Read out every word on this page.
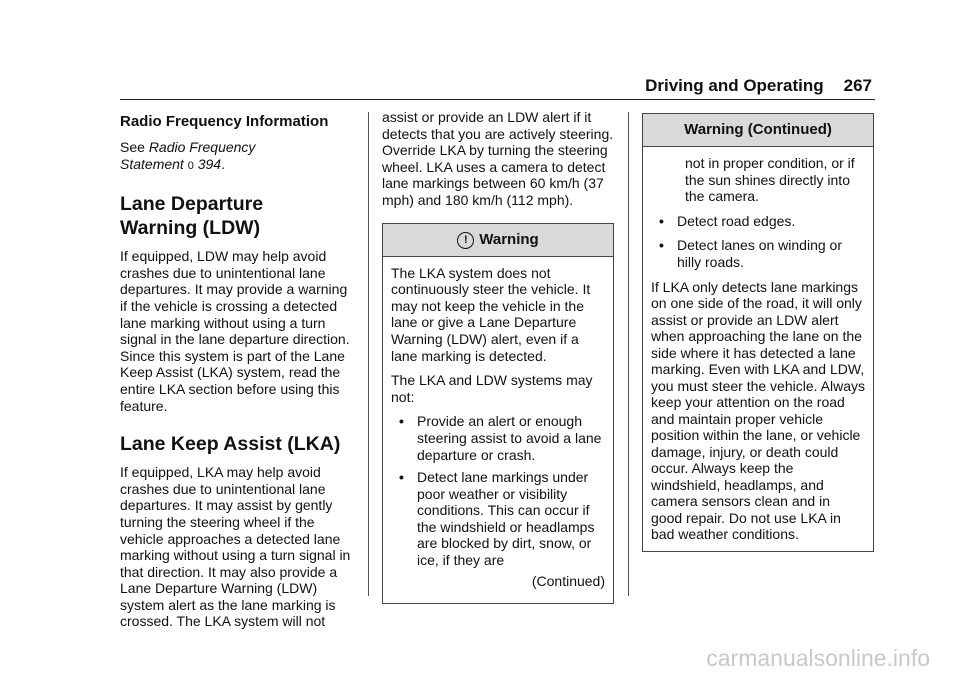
Driving and Operating 267
Radio Frequency Information

See Radio Frequency
Statement 0 394.

Lane Departure
Warning (LDW)

If equipped, LDW may help avoid crashes due to unintentional lane departures. It may provide a warning if the vehicle is crossing a detected lane marking without using a turn signal in the lane departure direction. Since this system is part of the Lane Keep Assist (LKA) system, read the entire LKA section before using this feature.

Lane Keep Assist (LKA)

If equipped, LKA may help avoid crashes due to unintentional lane departures. It may assist by gently turning the steering wheel if the vehicle approaches a detected lane marking without using a turn signal in that direction. It may also provide a Lane Departure Warning (LDW) system alert as the lane marking is crossed. The LKA system will not

assist or provide an LDW alert if it detects that you are actively steering. Override LKA by turning the steering wheel. LKA uses a camera to detect lane markings between 60 km/h (37 mph) and 180 km/h (112 mph).

! Warning

The LKA system does not continuously steer the vehicle. It may not keep the vehicle in the lane or give a Lane Departure Warning (LDW) alert, even if a lane marking is detected.

The LKA and LDW systems may not:

• Provide an alert or enough steering assist to avoid a lane departure or crash.
• Detect lane markings under poor weather or visibility conditions. This can occur if the windshield or headlamps are blocked by dirt, snow, or ice, if they are

(Continued)

Warning (Continued)

not in proper condition, or if the sun shines directly into the camera.

• Detect road edges.
• Detect lanes on winding or hilly roads.

If LKA only detects lane markings on one side of the road, it will only assist or provide an LDW alert when approaching the lane on the side where it has detected a lane marking. Even with LKA and LDW, you must steer the vehicle. Always keep your attention on the road and maintain proper vehicle position within the lane, or vehicle damage, injury, or death could occur. Always keep the windshield, headlamps, and camera sensors clean and in good repair. Do not use LKA in bad weather conditions.

carmanualsonline.info
